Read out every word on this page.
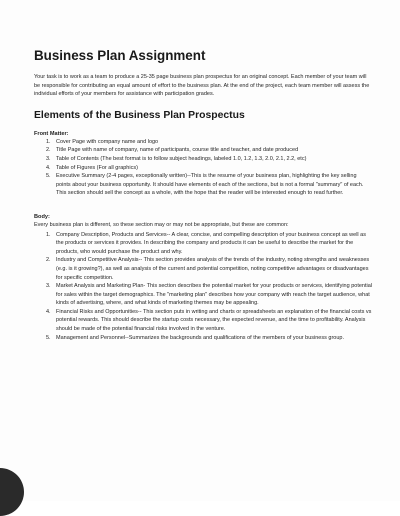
Business Plan Assignment

Your task is to work as a team to produce a 25-35 page business plan prospectus for an original concept. Each member of your team will be responsible for contributing an equal amount of effort to the business plan. At the end of the project, each team member will assess the individual efforts of your members for assistance with participation grades.

Elements of the Business Plan Prospectus
Front Matter:
1. Cover Page with company name and logo
2. Title Page with name of company, name of participants, course title and teacher, and date produced
3. Table of Contents (The best format is to follow subject headings, labeled 1.0, 1.2, 1.3, 2.0, 2.1, 2.2, etc)
4. Table of Figures (For all graphics)
5. Executive Summary (2-4 pages, exceptionally written)--This is the resume of your business plan, highlighting the key selling points about your business opportunity. It should have elements of each of the sections, but is not a formal "summary" of each. This section should sell the concept as a whole, with the hope that the reader will be interested enough to read further.
Body:

Every business plan is different, so these section may or may not be appropriate, but these are common:

1. Company Description, Products and Services-- A clear, concise, and compelling description of your business concept as well as the products or services it provides. In describing the company and products it can be useful to describe the market for the products, who would purchase the product and why.
2. Industry and Competitive Analysis-- This section provides analysis of the trends of the industry, noting strengths and weaknesses (e.g. is it growing?), as well as analysis of the current and potential competition, noting competitive advantages or disadvantages for specific competition.
3. Market Analysis and Marketing Plan- This section describes the potential market for your products or services, identifying potential for sales within the target demographics. The "marketing plan" describes how your company with reach the target audience, what kinds of advertising, where, and what kinds of marketing themes may be appealing.
4. Financial Risks and Opportunities-- This section puts in writing and charts or spreadsheets an explanation of the financial costs vs potential rewards. This should describe the startup costs necessary, the expected revenue, and the time to profitability. Analysis should be made of the potential financial risks involved in the venture.
5. Management and Personnel--Summarizes the backgrounds and qualifications of the members of your business group.
